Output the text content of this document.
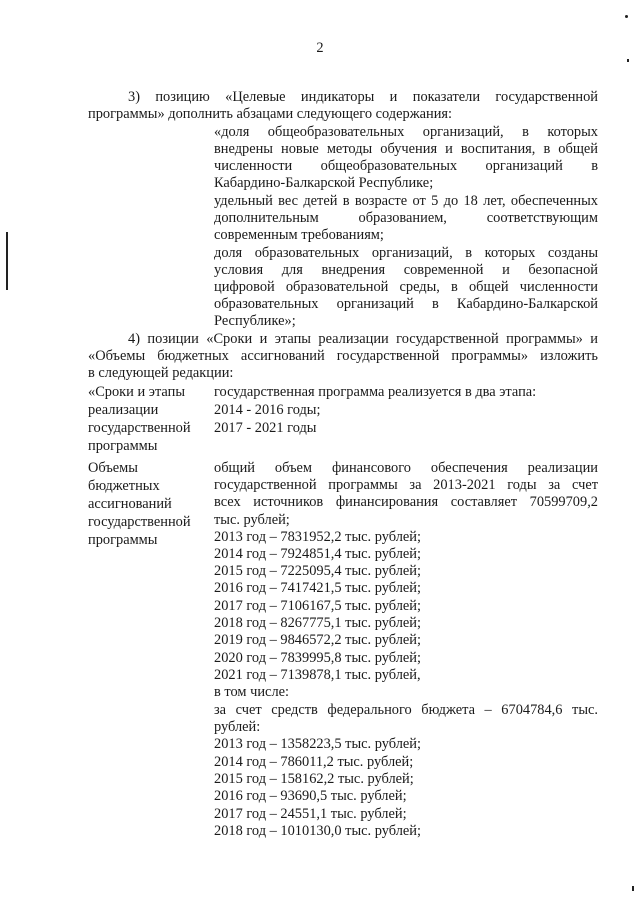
2
3) позицию «Целевые индикаторы и показатели государственной
программы» дополнить абзацами следующего содержания:
«доля общеобразовательных организаций, в которых
внедрены новые методы обучения и воспитания, в общей
численности общеобразовательных организаций в
Кабардино-Балкарской Республике;
удельный вес детей в возрасте от 5 до 18 лет, обеспеченных
дополнительным образованием, соответствующим
современным требованиям;
доля образовательных организаций, в которых созданы
условия для внедрения современной и безопасной
цифровой образовательной среды, в общей численности
образовательных организаций в Кабардино-Балкарской
Республике»;
4) позиции «Сроки и этапы реализации государственной программы» и
«Объемы бюджетных ассигнований государственной программы» изложить
в следующей редакции:
«Сроки и этапы
реализации
государственной
программы
государственная программа реализуется в два этапа:
2014 - 2016 годы;
2017 - 2021 годы
Объемы
бюджетных
ассигнований
государственной
программы
общий объем финансового обеспечения реализации
государственной программы за 2013-2021 годы за счет
всех источников финансирования составляет 70599709,2
тыс. рублей;
2013 год – 7831952,2 тыс. рублей;
2014 год – 7924851,4 тыс. рублей;
2015 год – 7225095,4 тыс. рублей;
2016 год – 7417421,5 тыс. рублей;
2017 год – 7106167,5 тыс. рублей;
2018 год – 8267775,1 тыс. рублей;
2019 год – 9846572,2 тыс. рублей;
2020 год – 7839995,8 тыс. рублей;
2021 год – 7139878,1 тыс. рублей,
в том числе:
за счет средств федерального бюджета – 6704784,6 тыс.
рублей:
2013 год – 1358223,5 тыс. рублей;
2014 год – 786011,2 тыс. рублей;
2015 год – 158162,2 тыс. рублей;
2016 год – 93690,5 тыс. рублей;
2017 год – 24551,1 тыс. рублей;
2018 год – 1010130,0 тыс. рублей;
